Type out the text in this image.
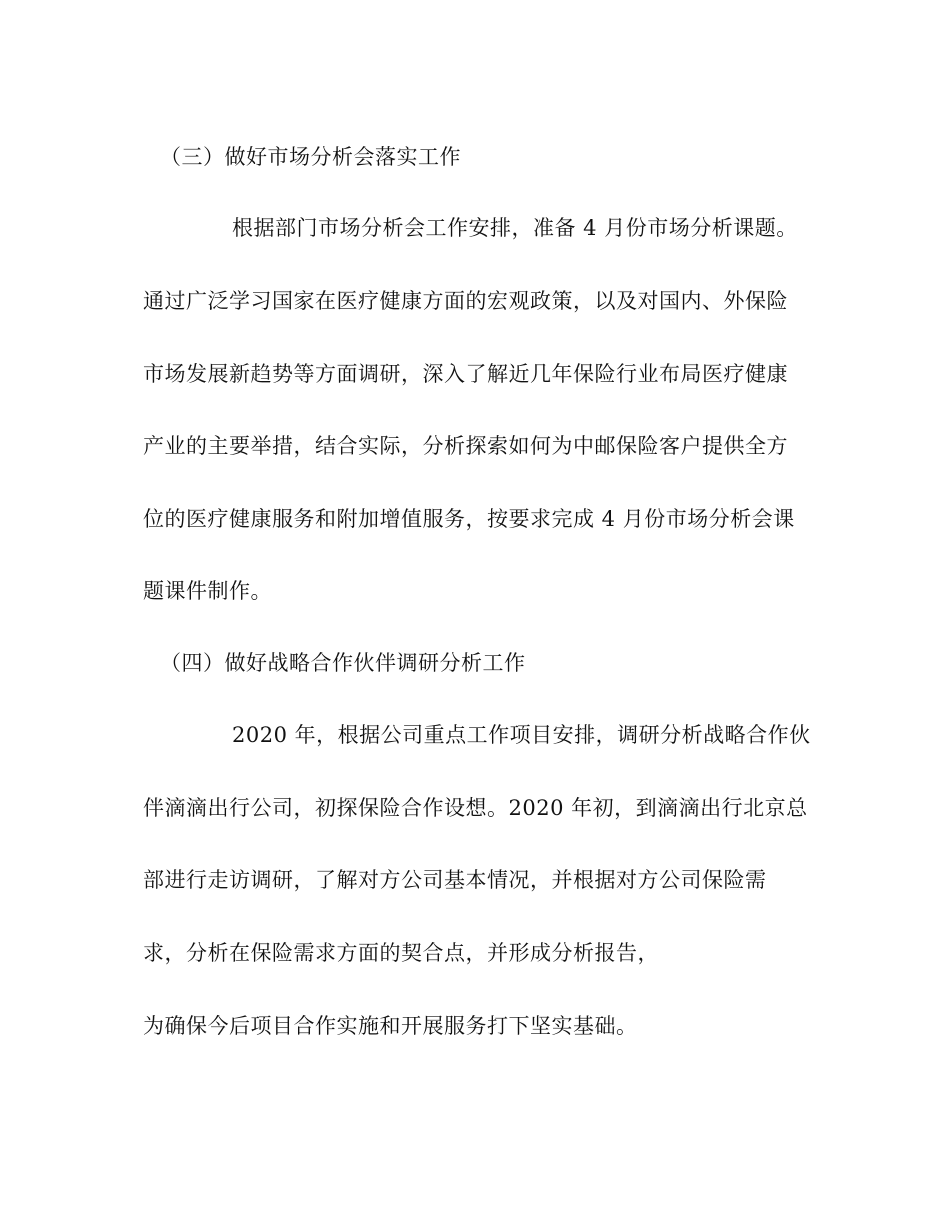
（三）做好市场分析会落实工作
根据部门市场分析会工作安排，准备 4 月份市场分析课题。
通过广泛学习国家在医疗健康方面的宏观政策，以及对国内、外保险
市场发展新趋势等方面调研，深入了解近几年保险行业布局医疗健康
产业的主要举措，结合实际，分析探索如何为中邮保险客户提供全方
位的医疗健康服务和附加增值服务，按要求完成 4 月份市场分析会课
题课件制作。
（四）做好战略合作伙伴调研分析工作
2020 年，根据公司重点工作项目安排，调研分析战略合作伙
伴滴滴出行公司，初探保险合作设想。2020 年初，到滴滴出行北京总
部进行走访调研，了解对方公司基本情况，并根据对方公司保险需
求，分析在保险需求方面的契合点，并形成分析报告，
为确保今后项目合作实施和开展服务打下坚实基础。
